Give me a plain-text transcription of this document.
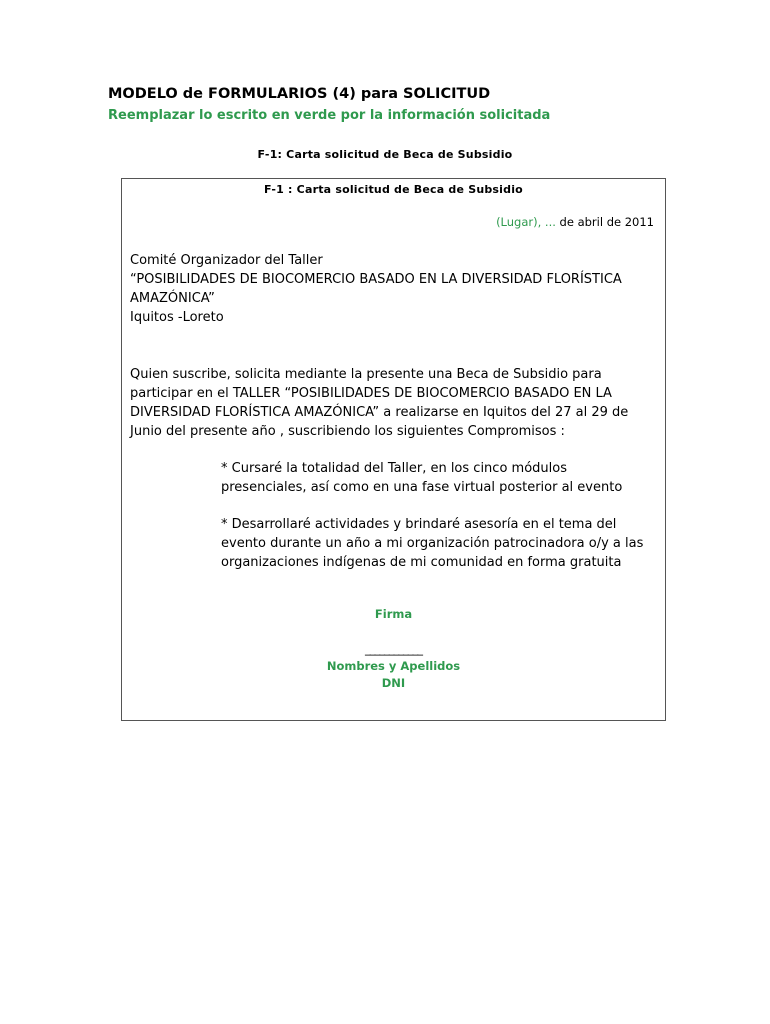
MODELO de FORMULARIOS (4) para SOLICITUD
Reemplazar lo escrito en verde por la información solicitada
F-1: Carta solicitud de Beca de Subsidio
F-1 : Carta solicitud de Beca de Subsidio
(Lugar), ... de abril de 2011
Comité Organizador del Taller
“POSIBILIDADES DE BIOCOMERCIO BASADO EN LA DIVERSIDAD FLORÍSTICA AMAZÓNICA”
Iquitos -Loreto
Quien suscribe, solicita mediante la presente una Beca de Subsidio para participar en el TALLER “POSIBILIDADES DE BIOCOMERCIO BASADO EN LA DIVERSIDAD FLORÍSTICA AMAZÓNICA” a realizarse en Iquitos del 27 al 29 de Junio del presente año , suscribiendo los siguientes Compromisos :
* Cursaré la totalidad del Taller, en los cinco módulos presenciales, así como en una fase virtual posterior al evento
* Desarrollaré actividades y brindaré asesoría en el tema del evento durante un año a mi organización patrocinadora o/y a las organizaciones indígenas de mi comunidad en forma gratuita
Firma
____________
Nombres y Apellidos
DNI
